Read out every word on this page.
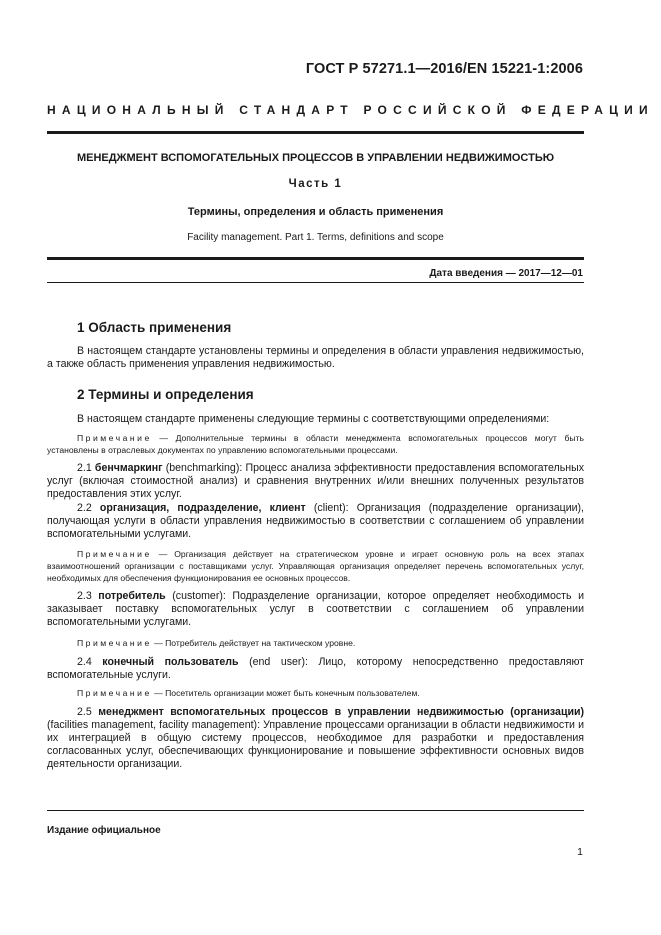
ГОСТ Р 57271.1—2016/EN 15221-1:2006
НАЦИОНАЛЬНЫЙ СТАНДАРТ РОССИЙСКОЙ ФЕДЕРАЦИИ
МЕНЕДЖМЕНТ ВСПОМОГАТЕЛЬНЫХ ПРОЦЕССОВ В УПРАВЛЕНИИ НЕДВИЖИМОСТЬЮ
Часть 1
Термины, определения и область применения
Facility management. Part 1. Terms, definitions and scope
Дата введения — 2017—12—01
1 Область применения

В настоящем стандарте установлены термины и определения в области управления недвижимостью, а также область применения управления недвижимостью.

2 Термины и определения

В настоящем стандарте применены следующие термины с соответствующими определениями:

Примечание — Дополнительные термины в области менеджмента вспомогательных процессов могут быть установлены в отраслевых документах по управлению вспомогательными процессами.

2.1 бенчмаркинг (benchmarking): Процесс анализа эффективности предоставления вспомогательных услуг (включая стоимостной анализ) и сравнения внутренних и/или внешних полученных результатов предоставления этих услуг.

2.2 организация, подразделение, клиент (client): Организация (подразделение организации), получающая услуги в области управления недвижимостью в соответствии с соглашением об управлении вспомогательными услугами.

Примечание — Организация действует на стратегическом уровне и играет основную роль на всех этапах взаимоотношений организации с поставщиками услуг. Управляющая организация определяет перечень вспомогательных услуг, необходимых для обеспечения функционирования ее основных процессов.

2.3 потребитель (customer): Подразделение организации, которое определяет необходимость и заказывает поставку вспомогательных услуг в соответствии с соглашением об управлении вспомогательными услугами.

Примечание — Потребитель действует на тактическом уровне.

2.4 конечный пользователь (end user): Лицо, которому непосредственно предоставляют вспомогательные услуги.

Примечание — Посетитель организации может быть конечным пользователем.

2.5 менеджмент вспомогательных процессов в управлении недвижимостью (организации) (facilities management, facility management): Управление процессами организации в области недвижимости и их интеграцией в общую систему процессов, необходимое для разработки и предоставления согласованных услуг, обеспечивающих функционирование и повышение эффективности основных видов деятельности организации.

Издание официальное
1
